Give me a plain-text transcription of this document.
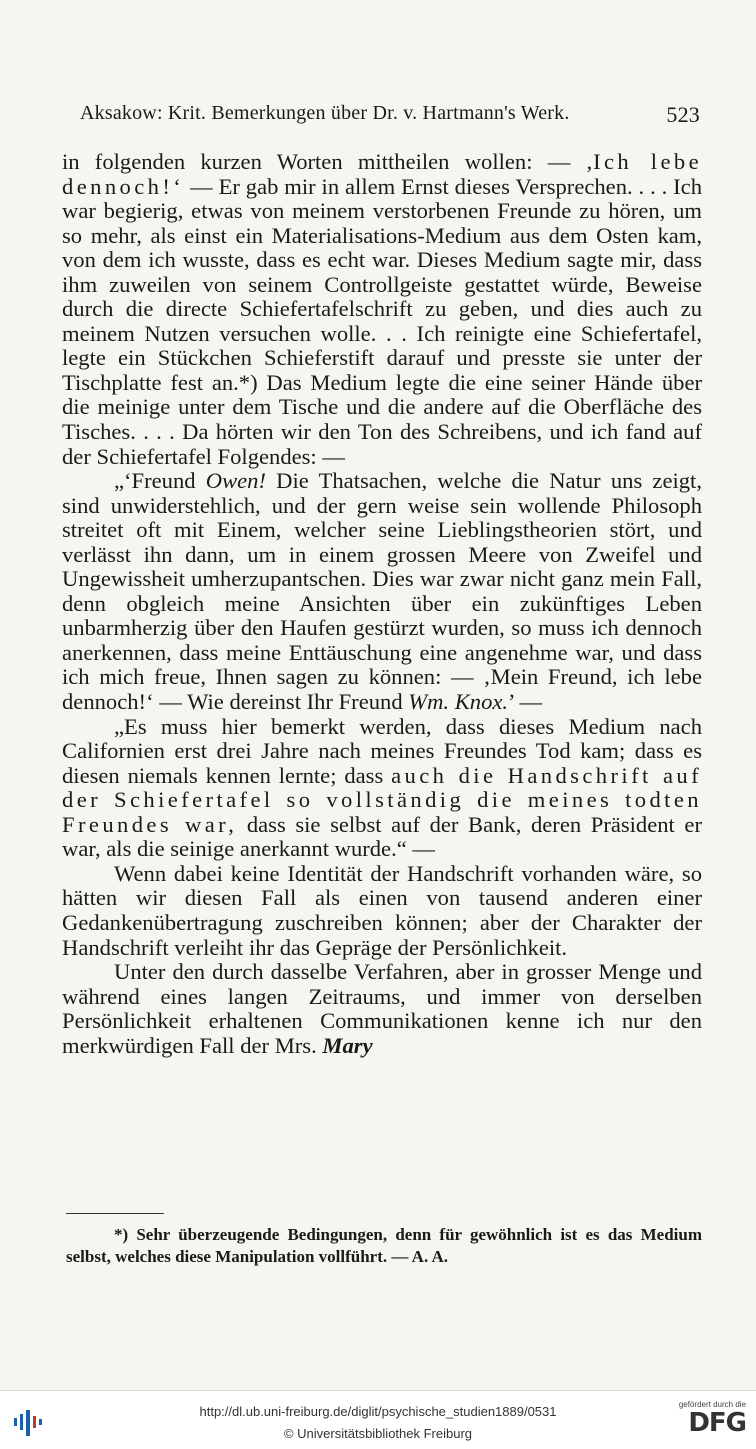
Aksakow: Krit. Bemerkungen über Dr. v. Hartmann's Werk.	523

in folgenden kurzen Worten mittheilen wollen: — ‚Ich lebe dennoch!‘ — Er gab mir in allem Ernst dieses Versprechen. . . . Ich war begierig, etwas von meinem verstorbenen Freunde zu hören, um so mehr, als einst ein Materialisations-Medium aus dem Osten kam, von dem ich wusste, dass es echt war. Dieses Medium sagte mir, dass ihm zuweilen von seinem Controllgeiste gestattet würde, Beweise durch die directe Schiefertafelschrift zu geben, und dies auch zu meinem Nutzen versuchen wolle. . . Ich reinigte eine Schiefertafel, legte ein Stückchen Schieferstift darauf und presste sie unter der Tischplatte fest an.*) Das Medium legte die eine seiner Hände über die meinige unter dem Tische und die andere auf die Oberfläche des Tisches. . . . Da hörten wir den Ton des Schreibens, und ich fand auf der Schiefertafel Folgendes: —

„‘Freund Owen! Die Thatsachen, welche die Natur uns zeigt, sind unwiderstehlich, und der gern weise sein wollende Philosoph streitet oft mit Einem, welcher seine Lieblingstheorien stört, und verlässt ihn dann, um in einem grossen Meere von Zweifel und Ungewissheit umherzupantschen. Dies war zwar nicht ganz mein Fall, denn obgleich meine Ansichten über ein zukünftiges Leben unbarmherzig über den Haufen gestürzt wurden, so muss ich dennoch anerkennen, dass meine Enttäuschung eine angenehme war, und dass ich mich freue, Ihnen sagen zu können: — ‚Mein Freund, ich lebe dennoch!‘ — Wie dereinst Ihr Freund Wm. Knox.’ —

„Es muss hier bemerkt werden, dass dieses Medium nach Californien erst drei Jahre nach meines Freundes Tod kam; dass es diesen niemals kennen lernte; dass auch die Handschrift auf der Schiefertafel so vollständig die meines todten Freundes war, dass sie selbst auf der Bank, deren Präsident er war, als die seinige anerkannt wurde.“ —

Wenn dabei keine Identität der Handschrift vorhanden wäre, so hätten wir diesen Fall als einen von tausend anderen einer Gedankenübertragung zuschreiben können; aber der Charakter der Handschrift verleiht ihr das Gepräge der Persönlichkeit.

Unter den durch dasselbe Verfahren, aber in grosser Menge und während eines langen Zeitraums, und immer von derselben Persönlichkeit erhaltenen Communikationen kenne ich nur den merkwürdigen Fall der Mrs. Mary

*) Sehr überzeugende Bedingungen, denn für gewöhnlich ist es das Medium selbst, welches diese Manipulation vollführt. — A. A.
http://dl.ub.uni-freiburg.de/diglit/psychische_studien1889/0531
© Universitätsbibliothek Freiburg
gefördert durch die
DFG
